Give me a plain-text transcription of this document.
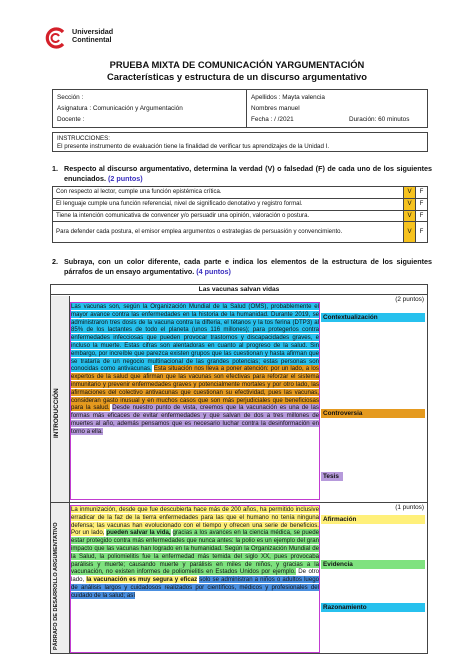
Universidad
Continental
PRUEBA MIXTA DE COMUNICACIÓN YARGUMENTACIÓN
Características y estructura de un discurso argumentativo
Sección :
Asignatura : Comunicación y Argumentación
Docente :

Apellidos : Mayta valencia
Nombres manuel
Fecha : / /2021	Duración: 60 minutos
INSTRUCCIONES:
El presente instrumento de evaluación tiene la finalidad de verificar tus aprendizajes de la Unidad I.
1. Respecto al discurso argumentativo, determina la verdad (V) o falsedad (F) de cada uno de los siguientes enunciados. (2 puntos)
Con respecto al lector, cumple una función epistémica crítica.	V	F
El lenguaje cumple una función referencial, nivel de significado denotativo y registro formal.	V	F
Tiene la intención comunicativa de convencer y/o persuadir una opinión, valoración o postura.	V	F
Para defender cada postura, el emisor emplea argumentos o estrategias de persuasión y convencimiento.	V	F
2. Subraya, con un color diferente, cada parte e indica los elementos de la estructura de los siguientes párrafos de un ensayo argumentativo. (4 puntos)
Las vacunas salvan vidas
INTRODUCCIÓN
PÁRRAFO DE DESARROLLO ARGUMENTATIVO
Las vacunas son, según la Organización Mundial de la Salud (OMS), probablemente el mayor avance contra las enfermedades en la historia de la humanidad. Durante 2019, se administraron tres dosis de la vacuna contra la difteria, el tétanos y la tos ferina (DTP3) al 85% de los lactantes de todo el planeta (unos 116 millones); para protegerlos contra enfermedades infecciosas que pueden provocar trastornos y discapacidades graves, e incluso la muerte. Estas cifras son alentadoras en cuanto al progreso de la salud. Sin embargo, por increíble que parezca existen grupos que las cuestionan y hasta afirman que se trataría de un negocio multinacional de las grandes potencias; estas personas son conocidas como antivacunas. Esta situación nos lleva a poner atención: por un lado, a los expertos de la salud que afirman que las vacunas son efectivas para reforzar el sistema inmunitario y prevenir enfermedades graves y potencialmente mortales y por otro lado, las afirmaciones del colectivo antivacunas que cuestionan su efectividad, pues las vacunas, consideran gasto inusual y en muchos casos que son más perjudiciales que beneficiosas para la salud. Desde nuestro punto de vista, creemos que la vacunación es una de las formas más eficaces de evitar enfermedades y que salvan de dos a tres millones de muertes al año, además pensamos que es necesario luchar contra la desinformación en torno a ella.
(2 puntos)
Contextualización
Controversia
Tesis
La inmunización, desde que fue descubierta hace más de 200 años, ha permitido inclusive erradicar de la faz de la tierra enfermedades para las que el humano no tenía ninguna defensa; las vacunas han evolucionado con el tiempo y ofrecen una serie de beneficios. Por un lado, pueden salvar la vida, gracias a los avances en la ciencia médica, se puede estar protegido contra más enfermedades que nunca antes: la polio es un ejemplo del gran impacto que las vacunas han logrado en la humanidad. Según la Organización Mundial de la Salud, la poliomielitis fue la enfermedad más temida del siglo XX, pues provocaba parálisis y muerte; causando muerte y parálisis en miles de niños, y gracias a la vacunación, no existen informes de poliomielitis en Estados Unidos por ejemplo. De otro lado, la vacunación es muy segura y eficaz solo se administran a niños o adultos luego de análisis largos y cuidadosos realizados por científicos, médicos y profesionales del cuidado de la salud; así
(1 puntos)
Afirmación
Evidencia
Razonamiento
